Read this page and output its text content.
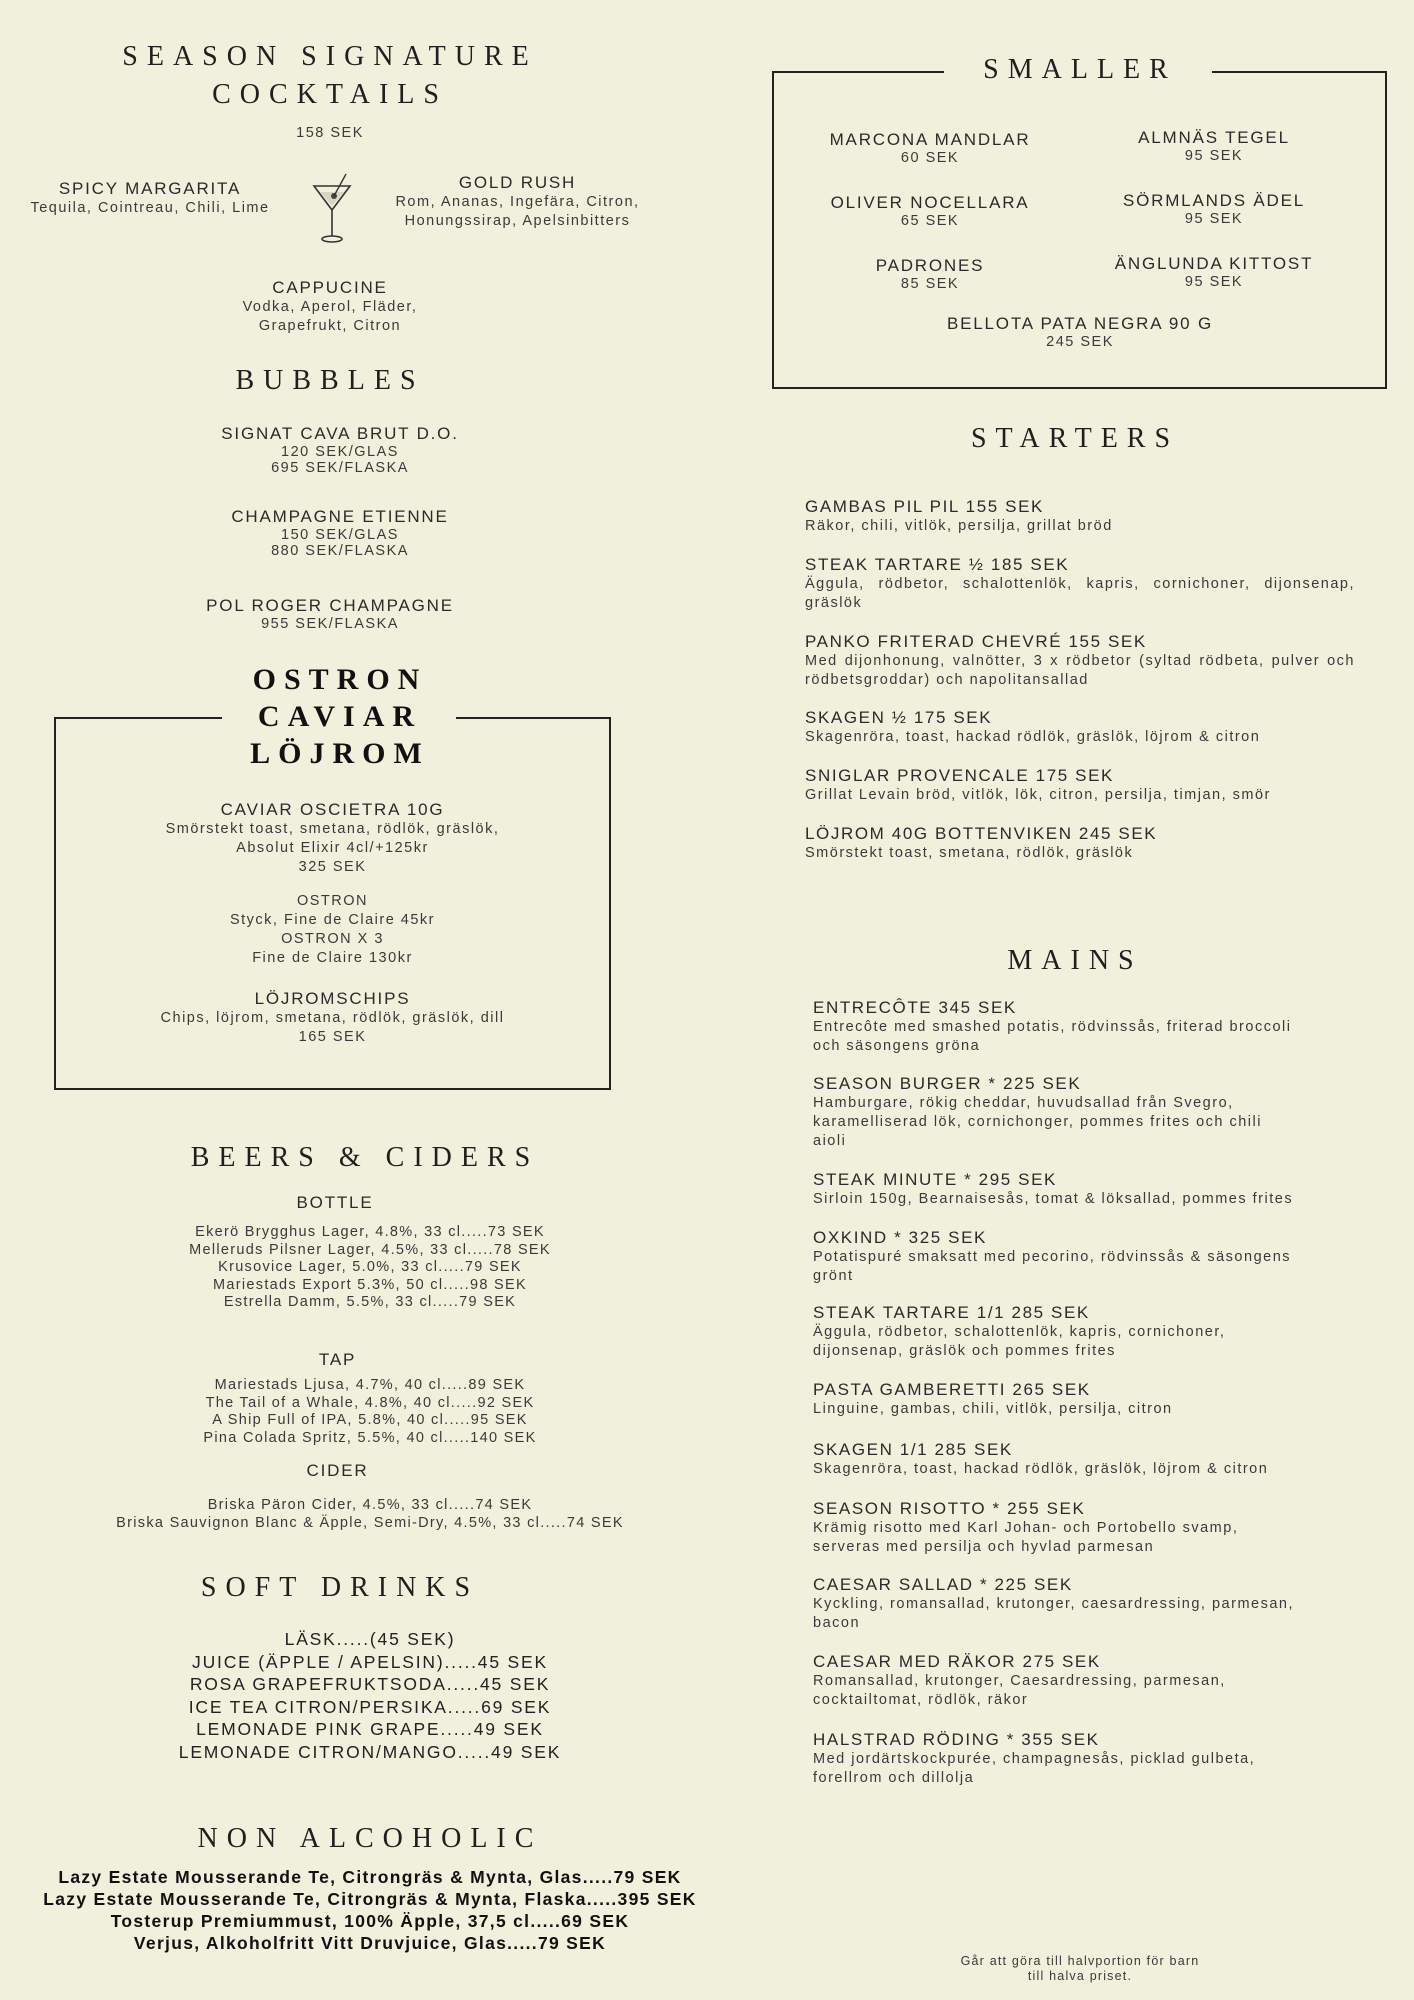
SEASON SIGNATURE
COCKTAILS
158 SEK
SPICY MARGARITA
Tequila, Cointreau, Chili, Lime
GOLD RUSH
Rom, Ananas, Ingefära, Citron,
Honungssirap, Apelsinbitters
CAPPUCINE
Vodka, Aperol, Fläder,
Grapefrukt, Citron
BUBBLES
SIGNAT CAVA BRUT D.O.
120 SEK/GLAS
695 SEK/FLASKA
CHAMPAGNE ETIENNE
150 SEK/GLAS
880 SEK/FLASKA
POL ROGER CHAMPAGNE
955 SEK/FLASKA
OSTRON
CAVIAR
LÖJROM
CAVIAR OSCIETRA 10G
Smörstekt toast, smetana, rödlök, gräslök,
Absolut Elixir 4cl/+125kr
325 SEK
OSTRON
Styck, Fine de Claire 45kr
OSTRON X 3
Fine de Claire 130kr
LÖJROMSCHIPS
Chips, löjrom, smetana, rödlök, gräslök, dill
165 SEK
BEERS & CIDERS
BOTTLE
Ekerö Brygghus Lager, 4.8%, 33 cl.....73 SEK
Melleruds Pilsner Lager, 4.5%, 33 cl.....78 SEK
Krusovice Lager, 5.0%, 33 cl.....79 SEK
Mariestads Export 5.3%, 50 cl.....98 SEK
Estrella Damm, 5.5%, 33 cl.....79 SEK
TAP
Mariestads Ljusa, 4.7%, 40 cl.....89 SEK
The Tail of a Whale, 4.8%, 40 cl.....92 SEK
A Ship Full of IPA, 5.8%, 40 cl.....95 SEK
Pina Colada Spritz, 5.5%, 40 cl.....140 SEK
CIDER
Briska Päron Cider, 4.5%, 33 cl.....74 SEK
Briska Sauvignon Blanc & Äpple, Semi-Dry, 4.5%, 33 cl.....74 SEK
SOFT DRINKS
LÄSK.....(45 SEK)
JUICE (ÄPPLE / APELSIN).....45 SEK
ROSA GRAPEFRUKTSODA.....45 SEK
ICE TEA CITRON/PERSIKA.....69 SEK
LEMONADE PINK GRAPE.....49 SEK
LEMONADE CITRON/MANGO.....49 SEK
NON ALCOHOLIC
Lazy Estate Mousserande Te, Citrongräs & Mynta, Glas.....79 SEK
Lazy Estate Mousserande Te, Citrongräs & Mynta, Flaska.....395 SEK
Tosterup Premiummust, 100% Äpple, 37,5 cl.....69 SEK
Verjus, Alkoholfritt Vitt Druvjuice, Glas.....79 SEK
SMALLER
MARCONA MANDLAR
60 SEK
ALMNÄS TEGEL
95 SEK
OLIVER NOCELLARA
65 SEK
SÖRMLANDS ÄDEL
95 SEK
PADRONES
85 SEK
ÄNGLUNDA KITTOST
95 SEK
BELLOTA PATA NEGRA 90 G
245 SEK
STARTERS
GAMBAS PIL PIL 155 SEK
Räkor, chili, vitlök, persilja, grillat bröd
STEAK TARTARE ½ 185 SEK
Äggula, rödbetor, schalottenlök, kapris, cornichoner, dijonsenap, gräslök
PANKO FRITERAD CHEVRÉ 155 SEK
Med dijonhonung, valnötter, 3 x rödbetor (syltad rödbeta, pulver och rödbetsgroddar) och napolitansallad
SKAGEN ½ 175 SEK
Skagenröra, toast, hackad rödlök, gräslök, löjrom & citron
SNIGLAR PROVENCALE 175 SEK
Grillat Levain bröd, vitlök, lök, citron, persilja, timjan, smör
LÖJROM 40G BOTTENVIKEN 245 SEK
Smörstekt toast, smetana, rödlök, gräslök
MAINS
ENTRECÔTE 345 SEK
Entrecôte med smashed potatis, rödvinssås, friterad broccoli
och säsongens gröna
SEASON BURGER * 225 SEK
Hamburgare, rökig cheddar, huvudsallad från Svegro,
karamelliserad lök, cornichonger, pommes frites och chili
aioli
STEAK MINUTE * 295 SEK
Sirloin 150g, Bearnaisesås, tomat & löksallad, pommes frites
OXKIND * 325 SEK
Potatispuré smaksatt med pecorino, rödvinssås & säsongens
grönt
STEAK TARTARE 1/1 285 SEK
Äggula, rödbetor, schalottenlök, kapris, cornichoner,
dijonsenap, gräslök och pommes frites
PASTA GAMBERETTI 265 SEK
Linguine, gambas, chili, vitlök, persilja, citron
SKAGEN 1/1 285 SEK
Skagenröra, toast, hackad rödlök, gräslök, löjrom & citron
SEASON RISOTTO * 255 SEK
Krämig risotto med Karl Johan- och Portobello svamp,
serveras med persilja och hyvlad parmesan
CAESAR SALLAD * 225 SEK
Kyckling, romansallad, krutonger, caesardressing, parmesan,
bacon
CAESAR MED RÄKOR 275 SEK
Romansallad, krutonger, Caesardressing, parmesan,
cocktailtomat, rödlök, räkor
HALSTRAD RÖDING * 355 SEK
Med jordärtskockpurée, champagnesås, picklad gulbeta,
forellrom och dillolja
Går att göra till halvportion för barn
till halva priset.
